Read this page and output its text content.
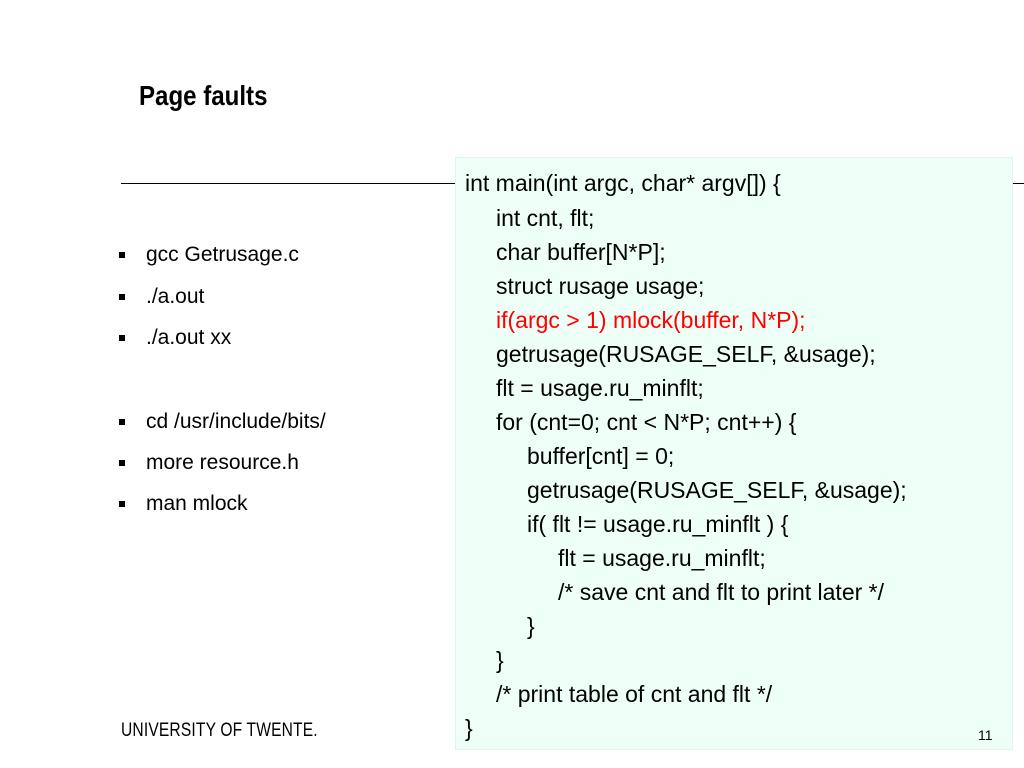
Page faults
gcc Getrusage.c
./a.out
./a.out xx
cd /usr/include/bits/
more resource.h
man mlock
int main(int argc, char* argv[]) {
int cnt, flt;
char buffer[N*P];
struct rusage usage;
if(argc > 1) mlock(buffer, N*P);
getrusage(RUSAGE_SELF, &usage);
flt = usage.ru_minflt;
for (cnt=0; cnt < N*P; cnt++) {
buffer[cnt] = 0;
getrusage(RUSAGE_SELF, &usage);
if( flt != usage.ru_minflt ) {
flt = usage.ru_minflt;
/* save cnt and flt to print later */
}
}
/* print table of cnt and flt */
}
UNIVERSITY OF TWENTE.	11
